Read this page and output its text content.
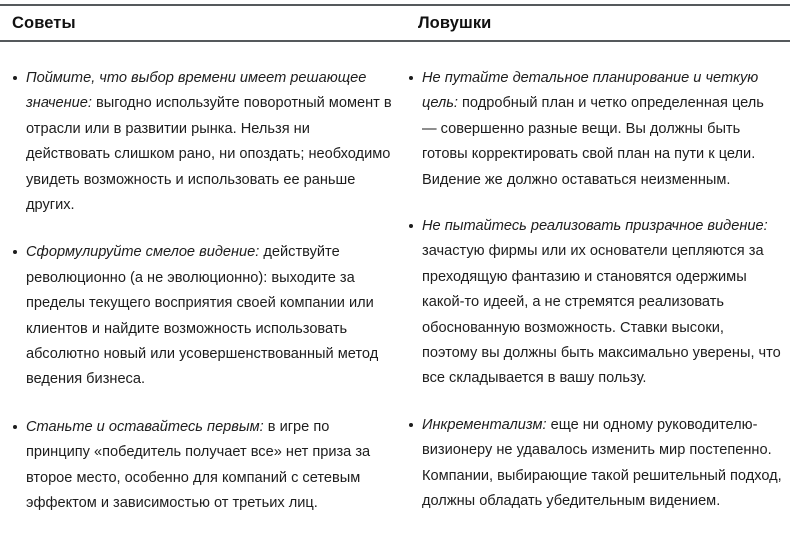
Советы	Ловушки
Поймите, что выбор времени имеет решающее значение: выгодно используйте поворотный момент в отрасли или в развитии рынка. Нельзя ни действовать слишком рано, ни опоздать; необходимо увидеть возможность и использовать ее раньше других.
Сформулируйте смелое видение: действуйте революционно (а не эволюционно): выходите за пределы текущего восприятия своей компании или клиентов и найдите возможность использовать абсолютно новый или усовершенствованный метод ведения бизнеса.
Станьте и оставайтесь первым: в игре по принципу «победитель получает все» нет приза за второе место, особенно для компаний с сетевым эффектом и зависимостью от третьих лиц.
Не путайте детальное планирование и четкую цель: подробный план и четко определенная цель — совершенно разные вещи. Вы должны быть готовы корректировать свой план на пути к цели. Видение же должно оставаться неизменным.
Не пытайтесь реализовать призрачное видение: зачастую фирмы или их основатели цепляются за преходящую фантазию и становятся одержимы какой-то идеей, а не стремятся реализовать обоснованную возможность. Ставки высоки, поэтому вы должны быть максимально уверены, что все складывается в вашу пользу.
Инкрементализм: еще ни одному руководителю-визионеру не удавалось изменить мир постепенно. Компании, выбирающие такой решительный подход, должны обладать убедительным видением.
